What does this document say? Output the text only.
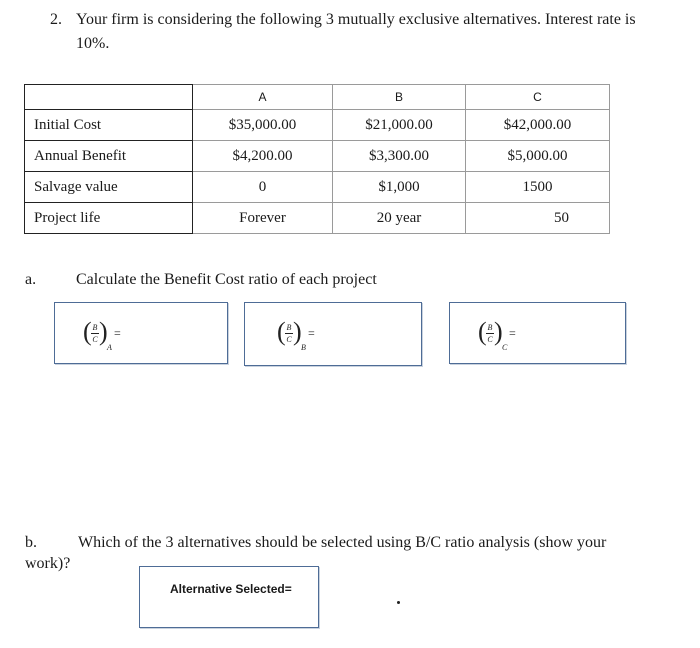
2. Your firm is considering the following 3 mutually exclusive alternatives. Interest rate is
10%.
	A	B	C
Initial Cost	$35,000.00	$21,000.00	$42,000.00
Annual Benefit	$4,200.00	$3,300.00	$5,000.00
Salvage value	0	$1,000	1500
Project life	Forever	20 year	50
a. Calculate the Benefit Cost ratio of each project
( B
C )
A
=	( B
C )
B
=	( B
C )
C
=
b.	Which of the 3 alternatives should be selected using B/C ratio analysis (show your
work)?
Alternative Selected=
